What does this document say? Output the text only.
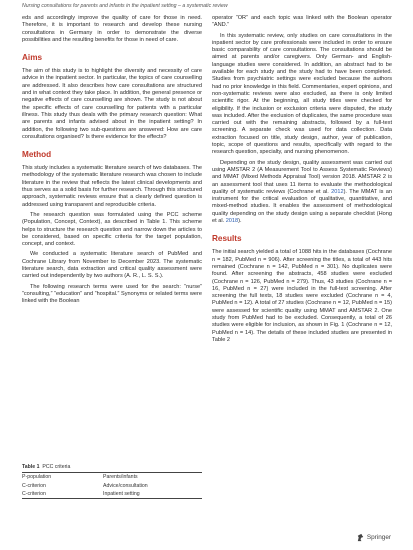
Nursing consultations for parents and infants in the inpatient setting – a systematic review

eds and accordingly improve the quality of care for those in need. Therefore, it is important to research and develop these nursing consultations in Germany in order to demonstrate the diverse possibilities and the resulting benefits for those in need of care.

Aims

The aim of this study is to highlight the diversity and necessity of care advice in the inpatient sector. In particular, the topics of care counselling are addressed. It also describes how care consultations are structured and in what context they take place. In addition, the general presence or negative effects of care counselling are shown. The study is not about the specific effects of care counselling for patients with a particular illness. This study thus deals with the primary research question: What are parents and infants advised about in the inpatient setting? In addition, the following two sub-questions are answered: How are care consultations organised? Is there evidence for the effects?

Method

This study includes a systematic literature search of two databases. The methodology of the systematic literature research was chosen to include literature in the review that reflects the latest clinical developments and thus serves as a solid basis for further research. Through this structured approach, systematic reviews ensure that a clearly defined question is addressed using transparent and reproducible criteria.

The research question was formulated using the PCC scheme (Population, Concept, Context), as described in Table 1. This scheme helps to structure the research question and narrow down the articles to be considered, based on specific criteria for the target population, concept, and context.

We conducted a systematic literature search of PubMed and Cochrane Library from November to December 2023. The systematic literature search, data extraction and critical quality assessment were carried out independently by two authors (A. R., L. S. S.).

The following research terms were used for the search: “nurse” “consulting,” “education” and “hospital.” Synonyms or related terms were linked with the Boolean

Table 1 PCC criteria
P-population	Parents/infants
C-criterion	Advice/consultation
C-criterion	Inpatient setting

operator “OR” and each topic was linked with the Boolean operator “AND.”

In this systematic review, only studies on care consultations in the inpatient sector by care professionals were included in order to ensure basic comparability of care consultations. The consultations should be aimed at parents and/or caregivers. Only German- and English-language studies were considered. In addition, an abstract had to be available for each study and the study had to have been completed. Studies from psychiatric settings were excluded because the authors had no prior knowledge in this field. Commentaries, expert opinions, and non-systematic reviews were also excluded, as there is only limited scientific rigor. At the beginning, all study titles were checked for eligibility. If the inclusion or exclusion criteria were disputed, the study was included. After the exclusion of duplicates, the same procedure was carried out with the remaining abstracts, followed by a full-text screening. A separate check was used for data collection. Data extraction focused on title, study design, author, year of publication, topic, scope of questions and results, specifically with regard to the research question, specialty, and nursing phenomenon.

Depending on the study design, quality assessment was carried out using AMSTAR 2 (A Measurement Tool to Assess Systematic Reviews) and MMAT (Mixed Methods Appraisal Tool) version 2018. AMSTAR 2 is an assessment tool that uses 11 items to evaluate the methodological quality of systematic reviews (Cochrane et al. 2012). The MMAT is an instrument for the critical evaluation of qualitative, quantitative, and mixed-method studies. It enables the assessment of methodological quality depending on the study design using a separate checklist (Hong et al. 2018).

Results

The initial search yielded a total of 1088 hits in the databases (Cochrane n = 182, PubMed n = 906). After screening the titles, a total of 443 hits remained (Cochrane n = 142, PubMed n = 301). No duplicates were found. After screening the abstracts, 458 studies were excluded (Cochrane n = 126, PubMed n = 279). Thus, 43 studies (Cochrane n = 16, PubMed n = 27) were included in the full-text screening. After screening the full texts, 18 studies were excluded (Cochrane n = 4, PubMed n = 12). A total of 27 studies (Cochrane n = 12, PubMed n = 15) were assessed for scientific quality using MMAT and AMSTAR 2. One study from PubMed had to be excluded. Consequently, a total of 26 studies were eligible for inclusion, as shown in Fig. 1 (Cochrane n = 12, PubMed n = 14). The details of these included studies are presented in Table 2

Springer
